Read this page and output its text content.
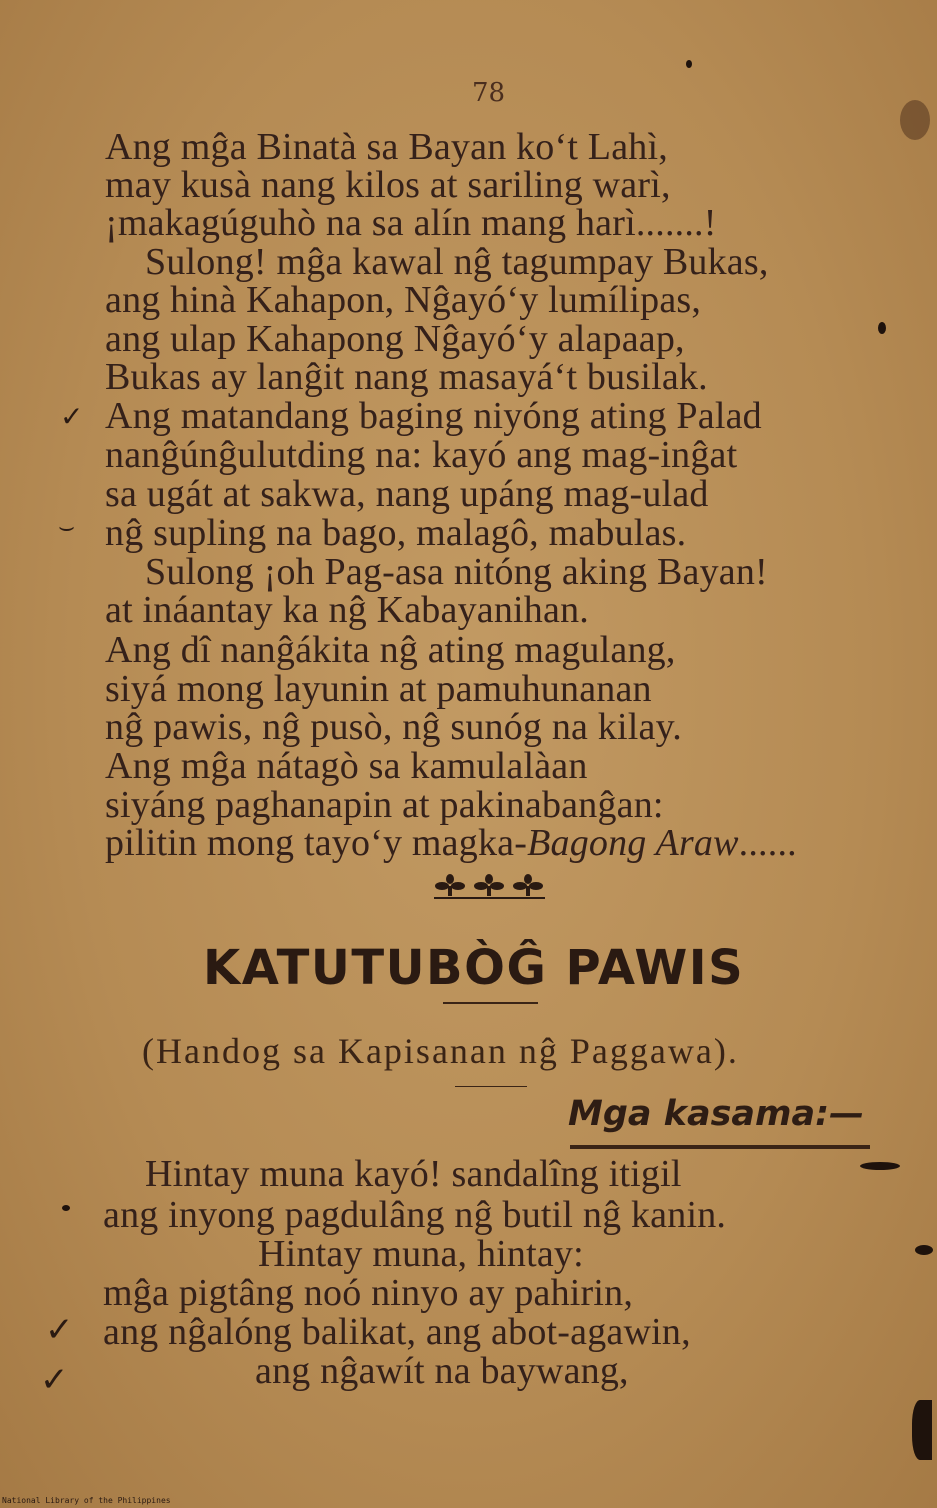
78
Ang mĝa Binatà sa Bayan ko‘t Lahì,
may kusà nang kilos at sariling warì,
¡makagúguhò na sa alín mang harì.......!
Sulong! mĝa kawal nĝ tagumpay Bukas,
ang hinà Kahapon, Nĝayó‘y lumílipas,
ang ulap Kahapong Nĝayó‘y alapaap,
Bukas ay lanĝit nang masayá‘t busilak.
Ang matandang baging niyóng ating Palad
nanĝúnĝulutding na: kayó ang mag-inĝat
sa ugát at sakwa, nang upáng mag-ulad
nĝ supling na bago, malagô, mabulas.
Sulong ¡oh Pag-asa nitóng aking Bayan!
at ináantay ka nĝ Kabayanihan.
Ang dî nanĝákita nĝ ating magulang,
siyá mong layunin at pamuhunanan
nĝ pawis, nĝ pusò, nĝ sunóg na kilay.
Ang mĝa nátagò sa kamulalàan
siyáng paghanapin at pakinabanĝan:
pilitin mong tayo‘y magka-Bagong Araw......
KATUTUBÒĜ PAWIS
(Handog sa Kapisanan nĝ Paggawa).
Mga kasama:—
Hintay muna kayó! sandalîng itigil
ang inyong pagdulâng nĝ butil nĝ kanin.
Hintay muna, hintay:
mĝa pigtâng noó ninyo ay pahirin,
ang nĝalóng balikat, ang abot-agawin,
ang nĝawít na baywang,
✓
⌣
✓
✓
National Library of the Philippines
